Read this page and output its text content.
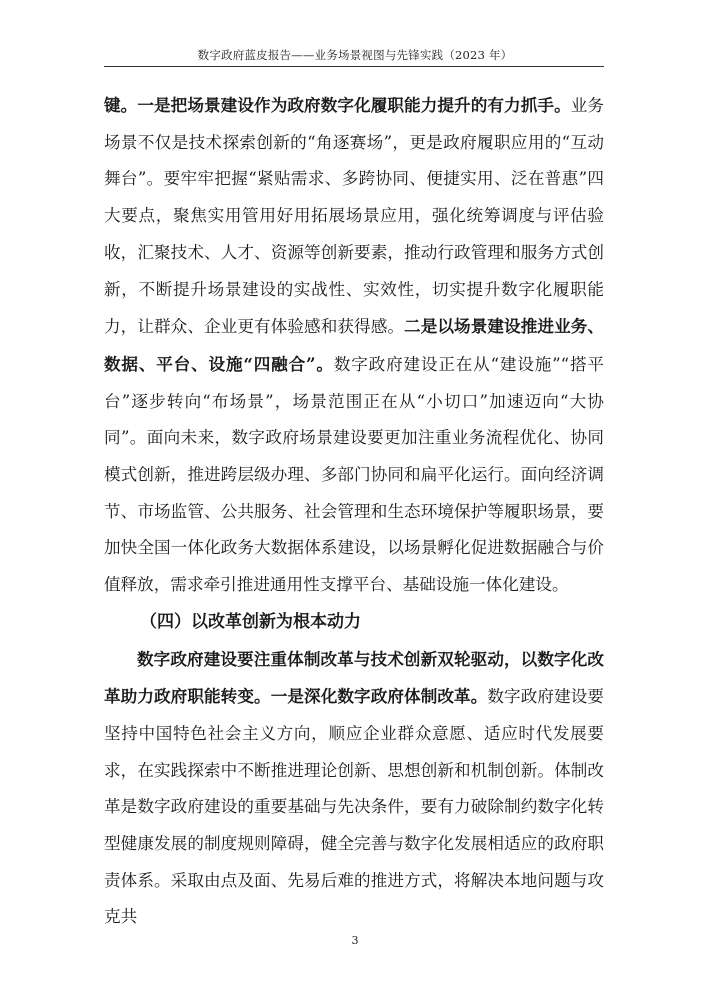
数字政府蓝皮报告——业务场景视图与先锋实践（2023 年）

键。一是把场景建设作为政府数字化履职能力提升的有力抓手。业务场景不仅是技术探索创新的“角逐赛场”，更是政府履职应用的“互动舞台”。要牢牢把握“紧贴需求、多跨协同、便捷实用、泛在普惠”四大要点，聚焦实用管用好用拓展场景应用，强化统筹调度与评估验收，汇聚技术、人才、资源等创新要素，推动行政管理和服务方式创新，不断提升场景建设的实战性、实效性，切实提升数字化履职能力，让群众、企业更有体验感和获得感。二是以场景建设推进业务、数据、平台、设施“四融合”。数字政府建设正在从“建设施”“搭平台”逐步转向“布场景”，场景范围正在从“小切口”加速迈向“大协同”。面向未来，数字政府场景建设要更加注重业务流程优化、协同模式创新，推进跨层级办理、多部门协同和扁平化运行。面向经济调节、市场监管、公共服务、社会管理和生态环境保护等履职场景，要加快全国一体化政务大数据体系建设，以场景孵化促进数据融合与价值释放，需求牵引推进通用性支撑平台、基础设施一体化建设。

（四）以改革创新为根本动力

数字政府建设要注重体制改革与技术创新双轮驱动，以数字化改革助力政府职能转变。一是深化数字政府体制改革。数字政府建设要坚持中国特色社会主义方向，顺应企业群众意愿、适应时代发展要求，在实践探索中不断推进理论创新、思想创新和机制创新。体制改革是数字政府建设的重要基础与先决条件，要有力破除制约数字化转型健康发展的制度规则障碍，健全完善与数字化发展相适应的政府职责体系。采取由点及面、先易后难的推进方式，将解决本地问题与攻克共

3
